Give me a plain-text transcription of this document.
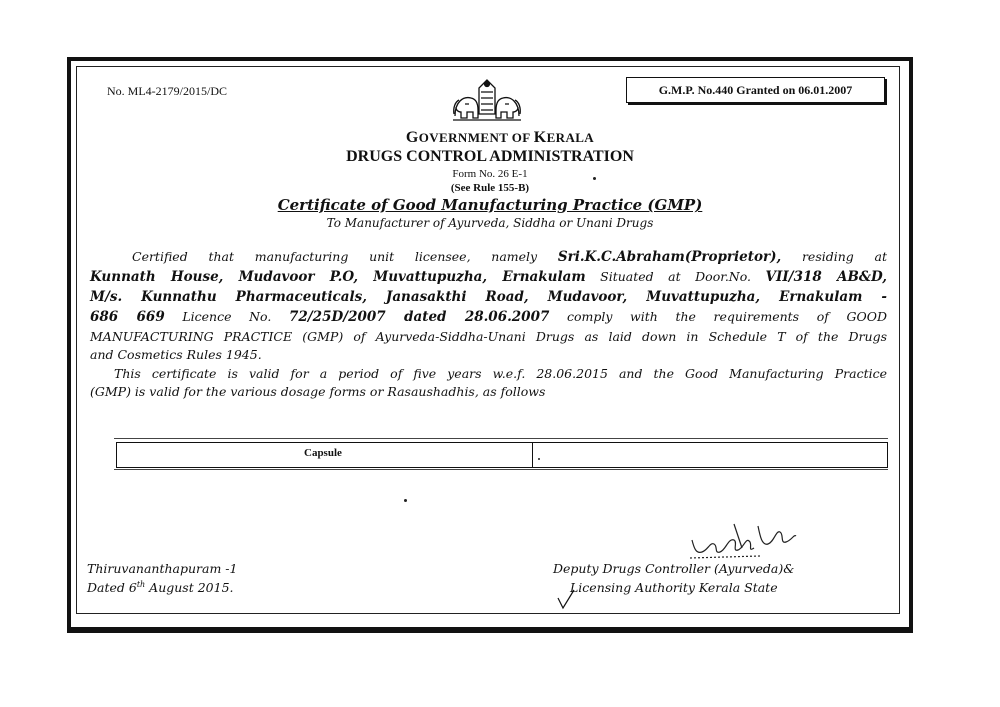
No. ML4-2179/2015/DC	G.M.P. No.440 Granted on 06.01.2007
GOVERNMENT OF KERALA
DRUGS CONTROL ADMINISTRATION
Form No. 26 E-1
(See Rule 155-B)
Certificate of Good Manufacturing Practice (GMP)
To Manufacturer of Ayurveda, Siddha or Unani Drugs
Certified that manufacturing unit licensee, namely Sri.K.C.Abraham(Proprietor), residing at
Kunnath House, Mudavoor P.O, Muvattupuzha, Ernakulam Situated at Door.No. VII/318 AB&D,
M/s. Kunnathu Pharmaceuticals, Janasakthi Road, Mudavoor, Muvattupuzha, Ernakulam -
686 669 Licence No. 72/25D/2007 dated 28.06.2007 comply with the requirements of GOOD
MANUFACTURING PRACTICE (GMP) of Ayurveda-Siddha-Unani Drugs as laid down in Schedule T of the Drugs
and Cosmetics Rules 1945.
This certificate is valid for a period of five years w.e.f. 28.06.2015 and the Good Manufacturing Practice
(GMP) is valid for the various dosage forms or Rasaushadhis, as follows
Capsule
Thiruvananthapuram -1
Dated 6th August 2015.
Deputy Drugs Controller (Ayurveda)&
Licensing Authority Kerala State
